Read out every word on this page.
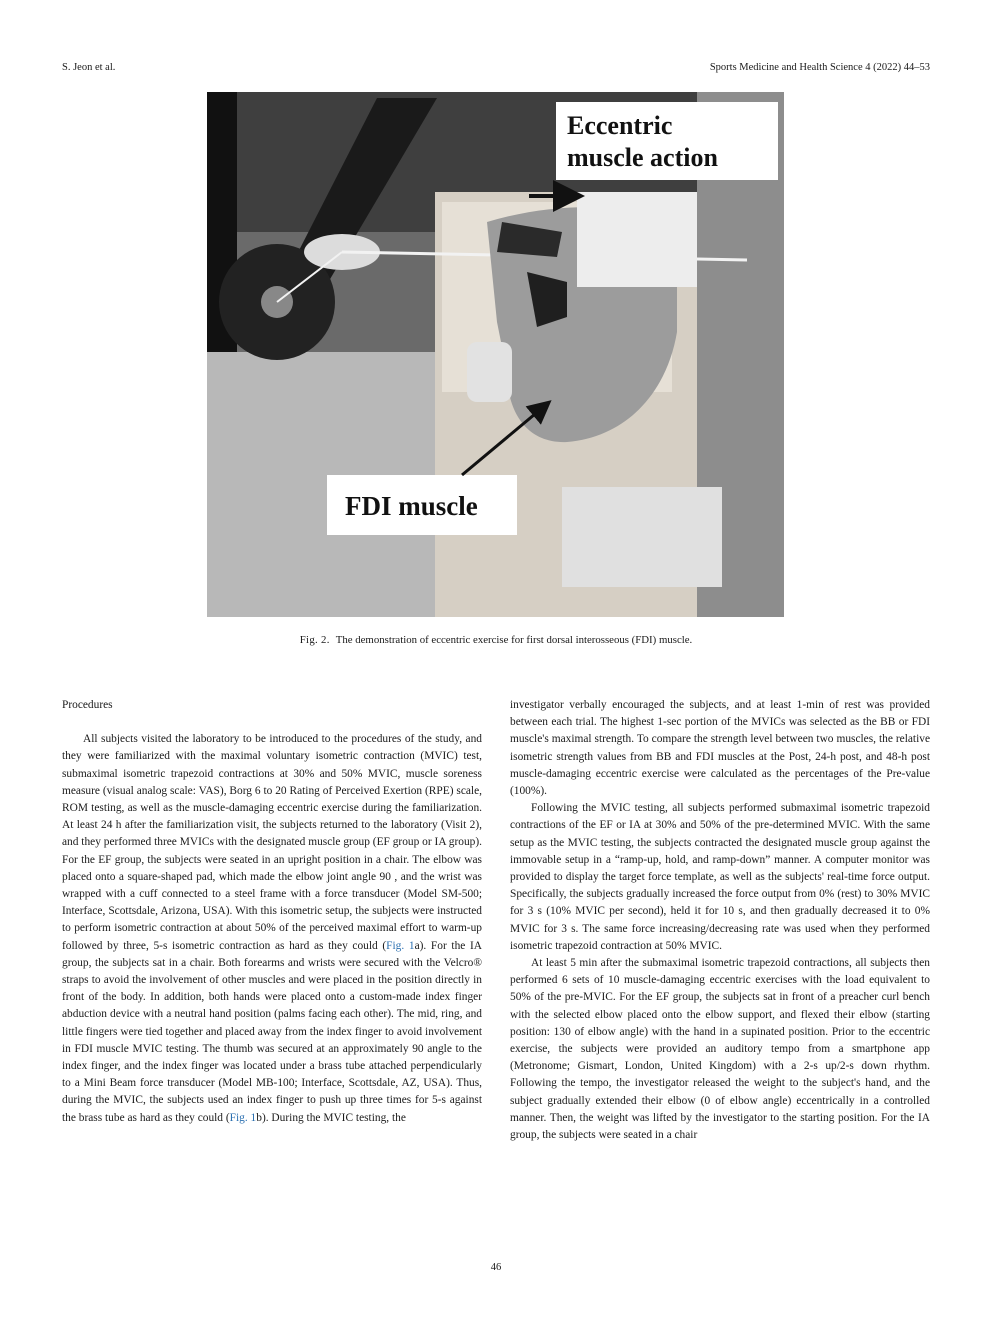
S. Jeon et al.	Sports Medicine and Health Science 4 (2022) 44–53
Eccentric
muscle action
FDI muscle
Fig. 2. The demonstration of eccentric exercise for first dorsal interosseous (FDI) muscle.

Procedures

All subjects visited the laboratory to be introduced to the procedures of the study, and they were familiarized with the maximal voluntary isometric contraction (MVIC) test, submaximal isometric trapezoid contractions at 30% and 50% MVIC, muscle soreness measure (visual analog scale: VAS), Borg 6 to 20 Rating of Perceived Exertion (RPE) scale, ROM testing, as well as the muscle-damaging eccentric exercise during the familiarization. At least 24 h after the familiarization visit, the subjects returned to the laboratory (Visit 2), and they performed three MVICs with the designated muscle group (EF group or IA group). For the EF group, the subjects were seated in an upright position in a chair. The elbow was placed onto a square-shaped pad, which made the elbow joint angle 90 , and the wrist was wrapped with a cuff connected to a steel frame with a force transducer (Model SM-500; Interface, Scottsdale, Arizona, USA). With this isometric setup, the subjects were instructed to perform isometric contraction at about 50% of the perceived maximal effort to warm-up followed by three, 5-s isometric contraction as hard as they could (Fig. 1a). For the IA group, the subjects sat in a chair. Both forearms and wrists were secured with the Velcro® straps to avoid the involvement of other muscles and were placed in the position directly in front of the body. In addition, both hands were placed onto a custom-made index finger abduction device with a neutral hand position (palms facing each other). The mid, ring, and little fingers were tied together and placed away from the index finger to avoid involvement in FDI muscle MVIC testing. The thumb was secured at an approximately 90 angle to the index finger, and the index finger was located under a brass tube attached perpendicularly to a Mini Beam force transducer (Model MB-100; Interface, Scottsdale, AZ, USA). Thus, during the MVIC, the subjects used an index finger to push up three times for 5-s against the brass tube as hard as they could (Fig. 1b). During the MVIC testing, the

investigator verbally encouraged the subjects, and at least 1-min of rest was provided between each trial. The highest 1-sec portion of the MVICs was selected as the BB or FDI muscle's maximal strength. To compare the strength level between two muscles, the relative isometric strength values from BB and FDI muscles at the Post, 24-h post, and 48-h post muscle-damaging eccentric exercise were calculated as the percentages of the Pre-value (100%).

Following the MVIC testing, all subjects performed submaximal isometric trapezoid contractions of the EF or IA at 30% and 50% of the pre-determined MVIC. With the same setup as the MVIC testing, the subjects contracted the designated muscle group against the immovable setup in a “ramp-up, hold, and ramp-down” manner. A computer monitor was provided to display the target force template, as well as the subjects' real-time force output. Specifically, the subjects gradually increased the force output from 0% (rest) to 30% MVIC for 3 s (10% MVIC per second), held it for 10 s, and then gradually decreased it to 0% MVIC for 3 s. The same force increasing/decreasing rate was used when they performed isometric trapezoid contraction at 50% MVIC.

At least 5 min after the submaximal isometric trapezoid contractions, all subjects then performed 6 sets of 10 muscle-damaging eccentric exercises with the load equivalent to 50% of the pre-MVIC. For the EF group, the subjects sat in front of a preacher curl bench with the selected elbow placed onto the elbow support, and flexed their elbow (starting position: 130 of elbow angle) with the hand in a supinated position. Prior to the eccentric exercise, the subjects were provided an auditory tempo from a smartphone app (Metronome; Gismart, London, United Kingdom) with a 2-s up/2-s down rhythm. Following the tempo, the investigator released the weight to the subject's hand, and the subject gradually extended their elbow (0 of elbow angle) eccentrically in a controlled manner. Then, the weight was lifted by the investigator to the starting position. For the IA group, the subjects were seated in a chair

46
